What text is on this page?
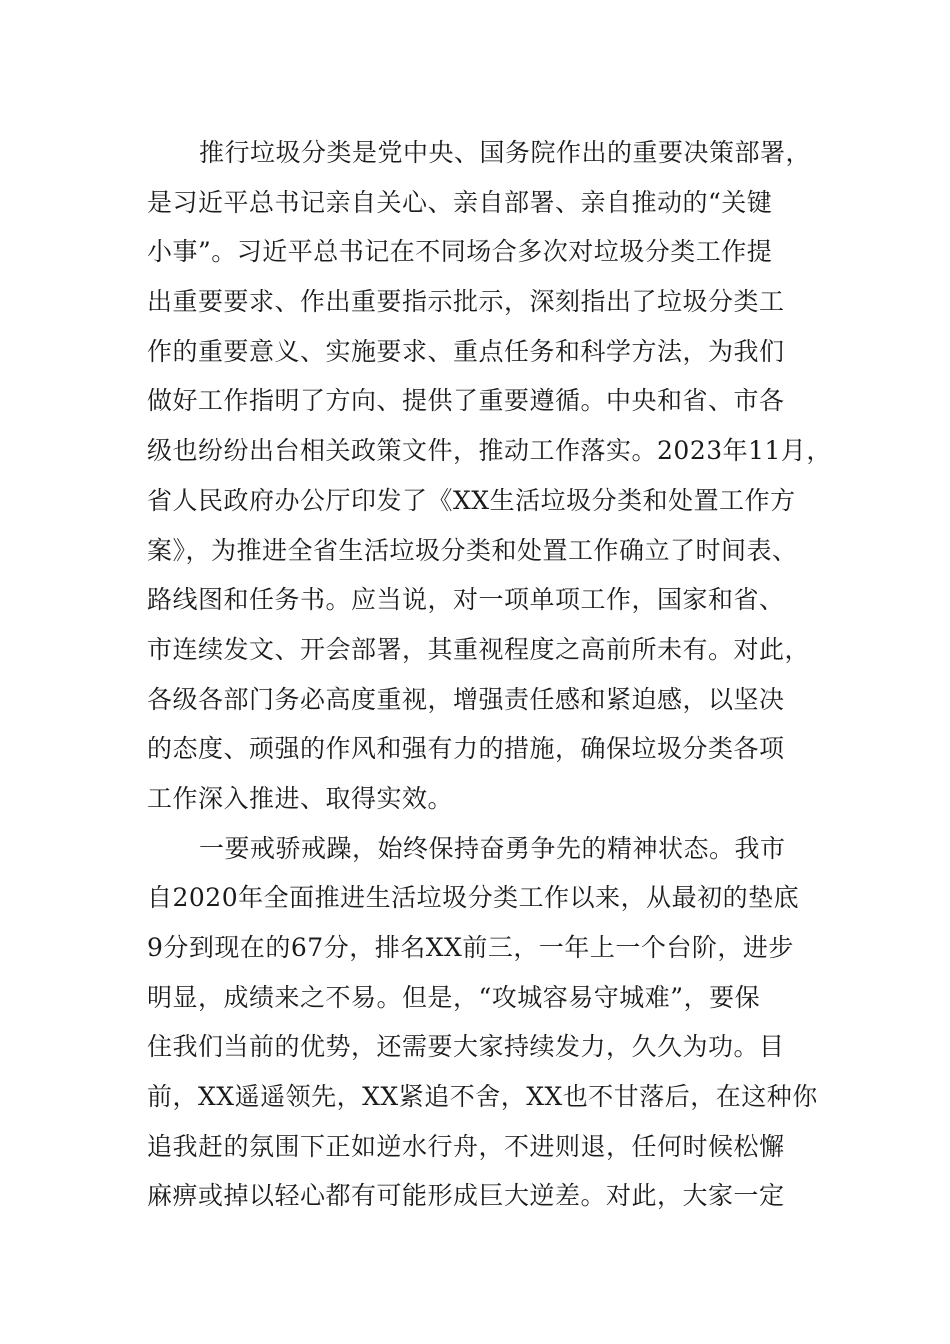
推行垃圾分类是党中央、国务院作出的重要决策部署，
是习近平总书记亲自关心、亲自部署、亲自推动的“关键
小事”。习近平总书记在不同场合多次对垃圾分类工作提
出重要要求、作出重要指示批示，深刻指出了垃圾分类工
作的重要意义、实施要求、重点任务和科学方法，为我们
做好工作指明了方向、提供了重要遵循。中央和省、市各
级也纷纷出台相关政策文件，推动工作落实。2023年11月，
省人民政府办公厅印发了《XX生活垃圾分类和处置工作方
案》，为推进全省生活垃圾分类和处置工作确立了时间表、
路线图和任务书。应当说，对一项单项工作，国家和省、
市连续发文、开会部署，其重视程度之高前所未有。对此，
各级各部门务必高度重视，增强责任感和紧迫感，以坚决
的态度、顽强的作风和强有力的措施，确保垃圾分类各项
工作深入推进、取得实效。
一要戒骄戒躁，始终保持奋勇争先的精神状态。我市
自2020年全面推进生活垃圾分类工作以来，从最初的垫底
9分到现在的67分，排名XX前三，一年上一个台阶，进步
明显，成绩来之不易。但是，“攻城容易守城难”，要保
住我们当前的优势，还需要大家持续发力，久久为功。目
前，XX遥遥领先，XX紧追不舍，XX也不甘落后，在这种你
追我赶的氛围下正如逆水行舟，不进则退，任何时候松懈
麻痹或掉以轻心都有可能形成巨大逆差。对此，大家一定
